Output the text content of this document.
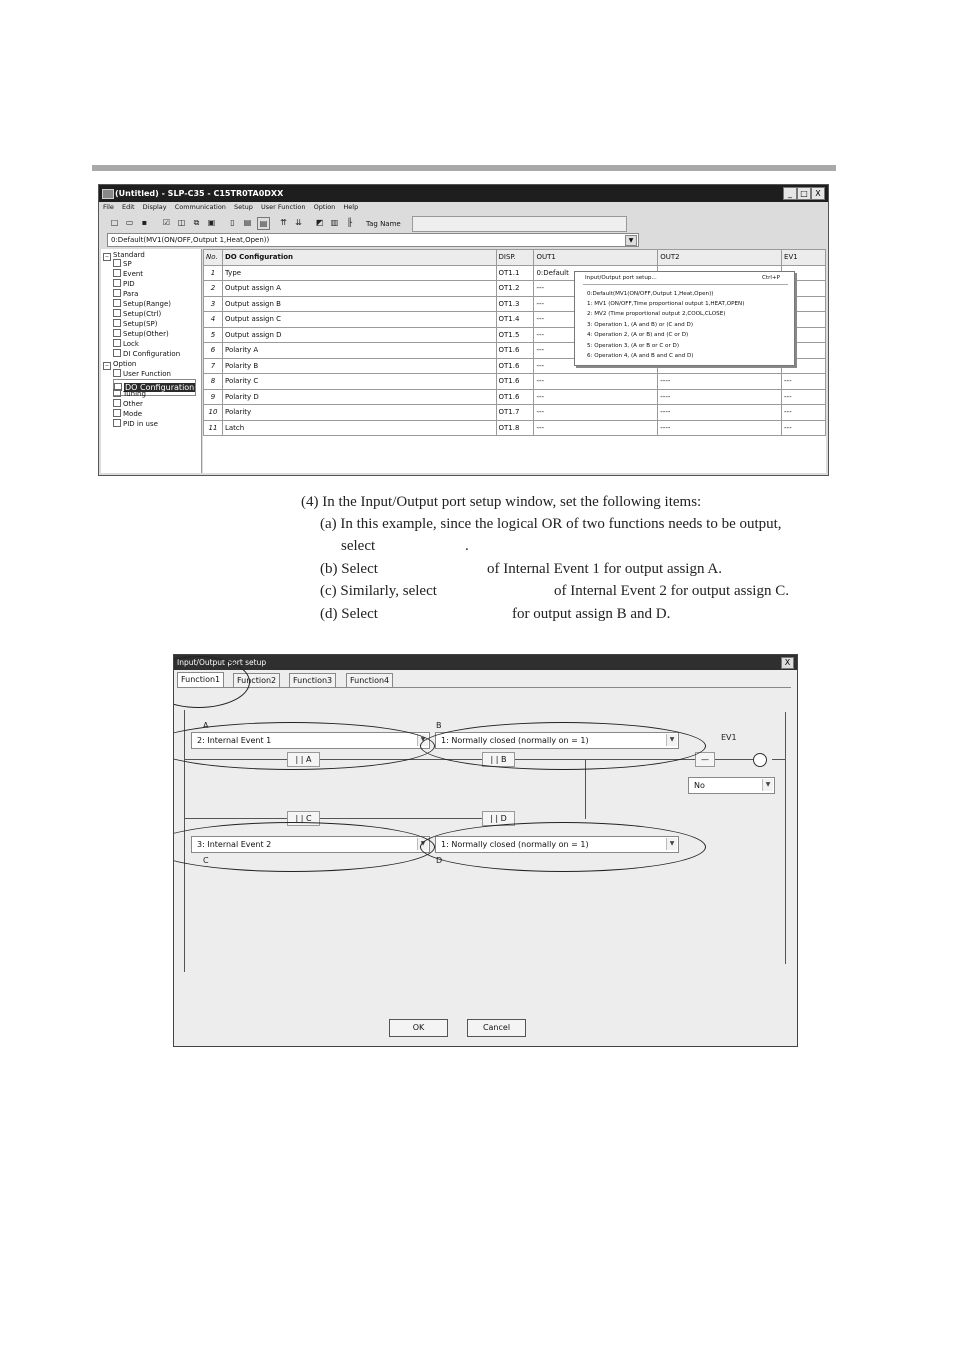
(Untitled) - SLP-C35 - C15TR0TA0DXX	_	□ X
File Edit Display Communication Setup User Function Option Help
□ ▭	▪	☑ ◫	⧉	▣	▯	▤	▤	⇈ ⇊ ◩ ▥	╟	Tag Name
0:Default(MV1(ON/OFF,Output 1,Heat,Open))	▼
− Standard
SP
Event
PID
Para
Setup(Range)
Setup(Ctrl)
Setup(SP)
Setup(Other)
Lock
DI Configuration
− Option
User Function
DO Configuration
Tuning
Other
Mode
PID in use
No.	DO Configuration	DISP.	OUT1	OUT2	EV1
1	Type	OT1.1	0:Default		
2	Output assign A	OT1.2	---		
3	Output assign B	OT1.3	---		
4	Output assign C	OT1.4	---		
5	Output assign D	OT1.5	---		
6	Polarity A	OT1.6	---		
7	Polarity B	OT1.6	---		
8	Polarity C	OT1.6	---	----	---
9	Polarity D	OT1.6	---	----	---
10	Polarity	OT1.7	---	----	---
11	Latch	OT1.8	---	----	---
Input/Output port setup...	Ctrl+P
0:Default(MV1(ON/OFF,Output 1,Heat,Open))
1: MV1 (ON/OFF,Time proportional output 1,HEAT,OPEN)
2: MV2 (Time proportional output 2,COOL,CLOSE)
3: Operation 1, (A and B) or (C and D)
4: Operation 2, (A or B) and (C or D)
5: Operation 3, (A or B or C or D)
6: Operation 4, (A and B and C and D)
(4) In the Input/Output port setup window, set the following items:
(a) In this example, since the logical OR of two functions needs to be output,
select	.
(b) Select	of Internal Event 1 for output assign A.
(c) Similarly, select	of Internal Event 2 for output assign C.
(d) Select	for output assign B and D.
Input/Output port setup	X
Function1	Function2	Function3	Function4
A	B
2: Internal Event 1	▼	1: Normally closed (normally on = 1)	▼
| | A	| | B
EV1
—
No	▼
| | C	| | D
3: Internal Event 2	▼	1: Normally closed (normally on = 1)	▼
C	D
OK	Cancel
